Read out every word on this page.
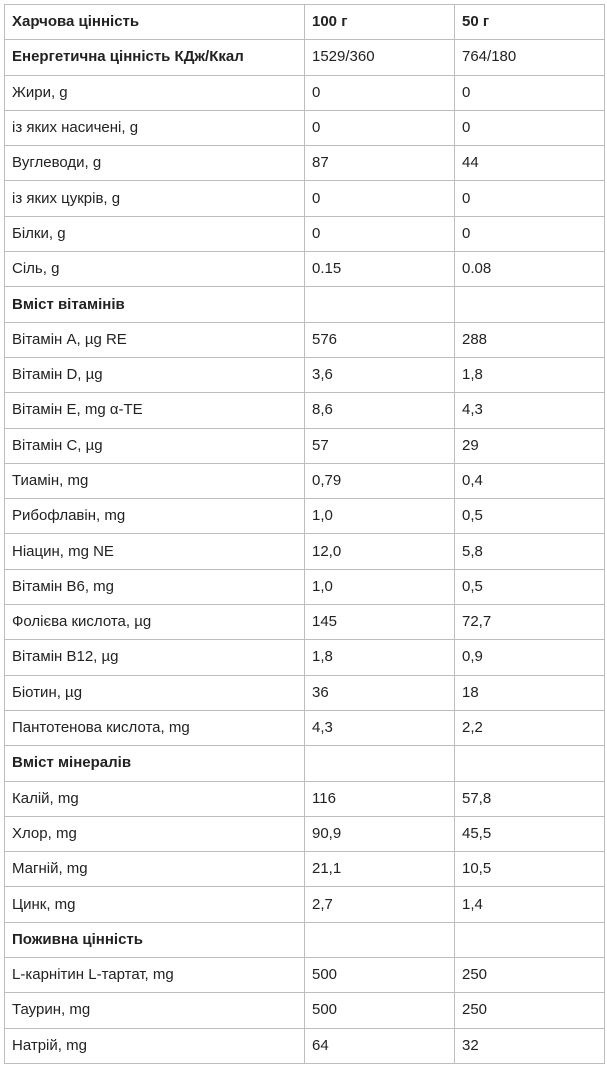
Харчова цінність	100 г	50 г
Енергетична цінність КДж/Ккал	1529/360	764/180
Жири, g	0	0
із яких насичені, g	0	0
Вуглеводи, g	87	44
із яких цукрів, g	0	0
Білки, g	0	0
Сіль, g	0.15	0.08
Вміст вітамінів		
Вітамін A, µg RE	576	288
Вітамін D, µg	3,6	1,8
Вітамін E, mg α-TE	8,6	4,3
Вітамін C, µg	57	29
Тиамін, mg	0,79	0,4
Рибофлавін, mg	1,0	0,5
Ніацин, mg NE	12,0	5,8
Вітамін B6, mg	1,0	0,5
Фолієва кислота, µg	145	72,7
Вітамін B12, µg	1,8	0,9
Біотин, µg	36	18
Пантотенова кислота, mg	4,3	2,2
Вміст мінералів		
Калій, mg	116	57,8
Хлор, mg	90,9	45,5
Магній, mg	21,1	10,5
Цинк, mg	2,7	1,4
Поживна цінність		
L-карнітин L-тартат, mg	500	250
Таурин, mg	500	250
Натрій, mg	64	32
